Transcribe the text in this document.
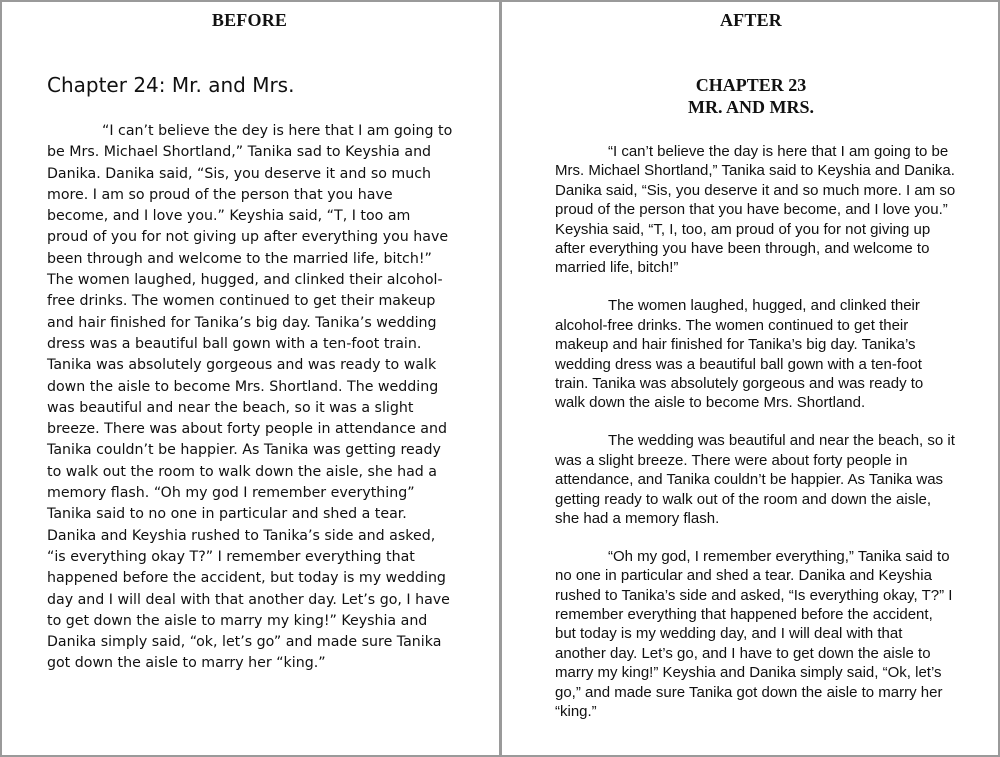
BEFORE	AFTER
Chapter 24: Mr. and Mrs.

“I can’t believe the dey is here that I am going to be Mrs. Michael Shortland,” Tanika sad to Keyshia and Danika. Danika said, “Sis, you deserve it and so much more. I am so proud of the person that you have become, and I love you.” Keyshia said, “T, I too am proud of you for not giving up after everything you have been through and welcome to the married life, bitch!” The women laughed, hugged, and clinked their alcohol-free drinks. The women continued to get their makeup and hair finished for Tanika’s big day. Tanika’s wedding dress was a beautiful ball gown with a ten-foot train. Tanika was absolutely gorgeous and was ready to walk down the aisle to become Mrs. Shortland. The wedding was beautiful and near the beach, so it was a slight breeze. There was about forty people in attendance and Tanika couldn’t be happier. As Tanika was getting ready to walk out the room to walk down the aisle, she had a memory flash. “Oh my god I remember everything” Tanika said to no one in particular and shed a tear. Danika and Keyshia rushed to Tanika’s side and asked, “is everything okay T?” I remember everything that happened before the accident, but today is my wedding day and I will deal with that another day. Let’s go, I have to get down the aisle to marry my king!” Keyshia and Danika simply said, “ok, let’s go” and made sure Tanika got down the aisle to marry her “king.”

CHAPTER 23
MR. AND MRS.

“I can’t believe the day is here that I am going to be Mrs. Michael Shortland,” Tanika said to Keyshia and Danika. Danika said, “Sis, you deserve it and so much more. I am so proud of the person that you have become, and I love you.” Keyshia said, “T, I, too, am proud of you for not giving up after everything you have been through, and welcome to married life, bitch!”

The women laughed, hugged, and clinked their alcohol-free drinks. The women continued to get their makeup and hair finished for Tanika’s big day. Tanika’s wedding dress was a beautiful ball gown with a ten-foot train. Tanika was absolutely gorgeous and was ready to walk down the aisle to become Mrs. Shortland.

The wedding was beautiful and near the beach, so it was a slight breeze. There were about forty people in attendance, and Tanika couldn’t be happier. As Tanika was getting ready to walk out of the room and down the aisle, she had a memory flash.

“Oh my god, I remember everything,” Tanika said to no one in particular and shed a tear. Danika and Keyshia rushed to Tanika’s side and asked, “Is everything okay, T?” I remember everything that happened before the accident, but today is my wedding day, and I will deal with that another day. Let’s go, and I have to get down the aisle to marry my king!” Keyshia and Danika simply said, “Ok, let’s go,” and made sure Tanika got down the aisle to marry her “king.”
